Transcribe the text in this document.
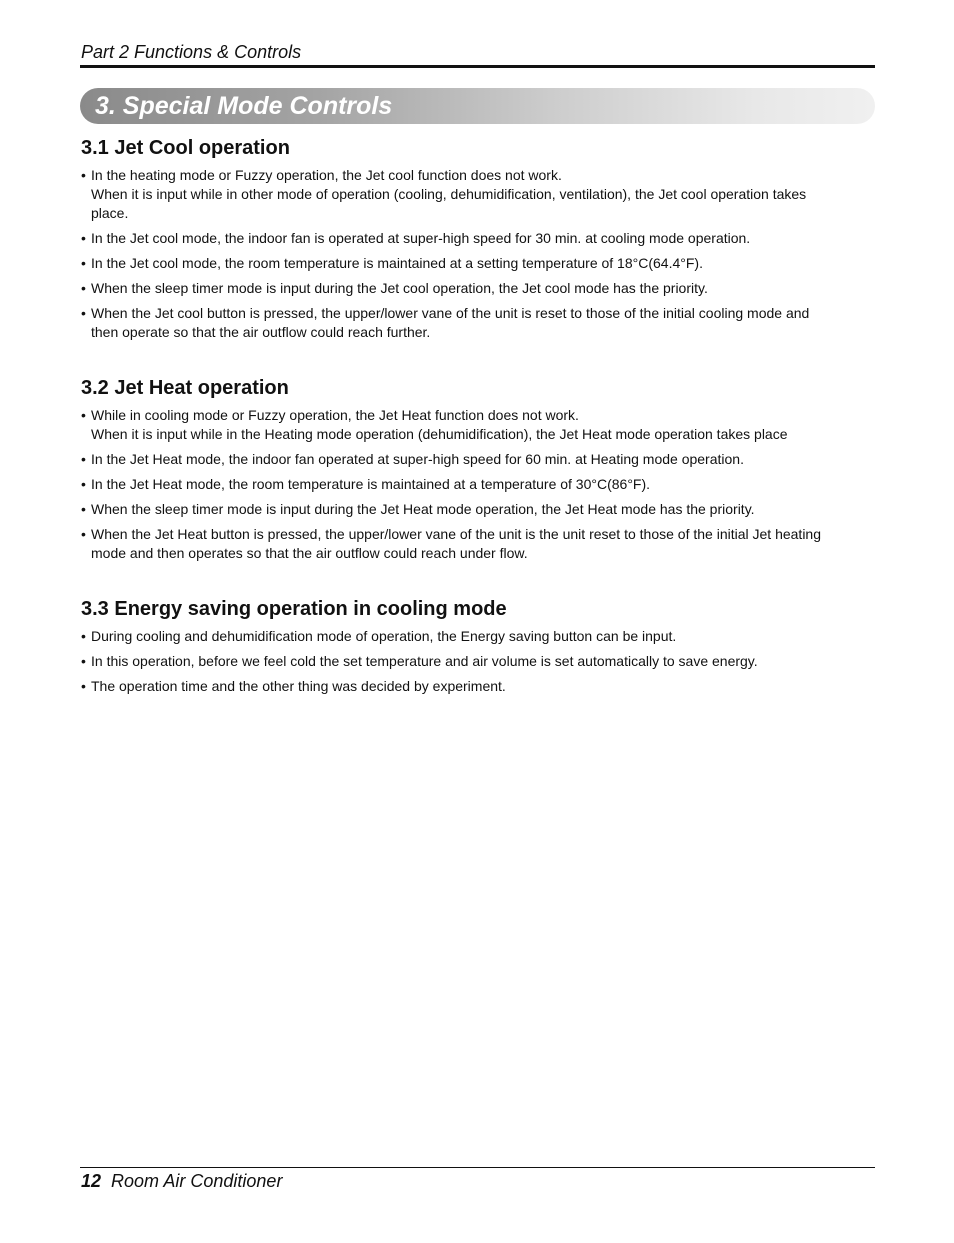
Part 2 Functions & Controls
3. Special Mode Controls
3.1 Jet Cool operation
• In the heating mode or Fuzzy operation, the Jet cool function does not work.
When it is input while in other mode of operation (cooling, dehumidification, ventilation), the Jet cool operation takes
place.
• In the Jet cool mode, the indoor fan is operated at super-high speed for 30 min. at cooling mode operation.
• In the Jet cool mode, the room temperature is maintained at a setting temperature of 18°C(64.4°F).
• When the sleep timer mode is input during the Jet cool operation, the Jet cool mode has the priority.
• When the Jet cool button is pressed, the upper/lower vane of the unit is reset to those of the initial cooling mode and
then operate so that the air outflow could reach further.
3.2 Jet Heat operation
• While in cooling mode or Fuzzy operation, the Jet Heat function does not work.
When it is input while in the Heating mode operation (dehumidification), the Jet Heat mode operation takes place
• In the Jet Heat mode, the indoor fan operated at super-high speed for 60 min. at Heating mode operation.
• In the Jet Heat mode, the room temperature is maintained at a temperature of 30°C(86°F).
• When the sleep timer mode is input during the Jet Heat mode operation, the Jet Heat mode has the priority.
• When the Jet Heat button is pressed, the upper/lower vane of the unit is the unit reset to those of the initial Jet heating
mode and then operates so that the air outflow could reach under flow.
3.3 Energy saving operation in cooling mode
• During cooling and dehumidification mode of operation, the Energy saving button can be input.
• In this operation, before we feel cold the set temperature and air volume is set automatically to save energy.
• The operation time and the other thing was decided by experiment.
12 Room Air Conditioner
